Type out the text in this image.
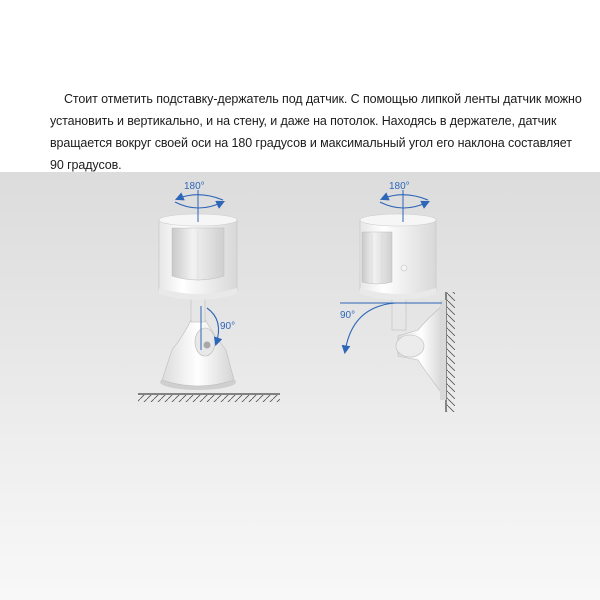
Стоит отметить подставку-держатель под датчик. С помощью липкой ленты датчик можно установить и вертикально, и на стену, и даже на потолок. Находясь в держателе, датчик вращается вокруг своей оси на 180 градусов и максимальный угол его наклона составляет 90 градусов.

180°
90°
180°
90°
